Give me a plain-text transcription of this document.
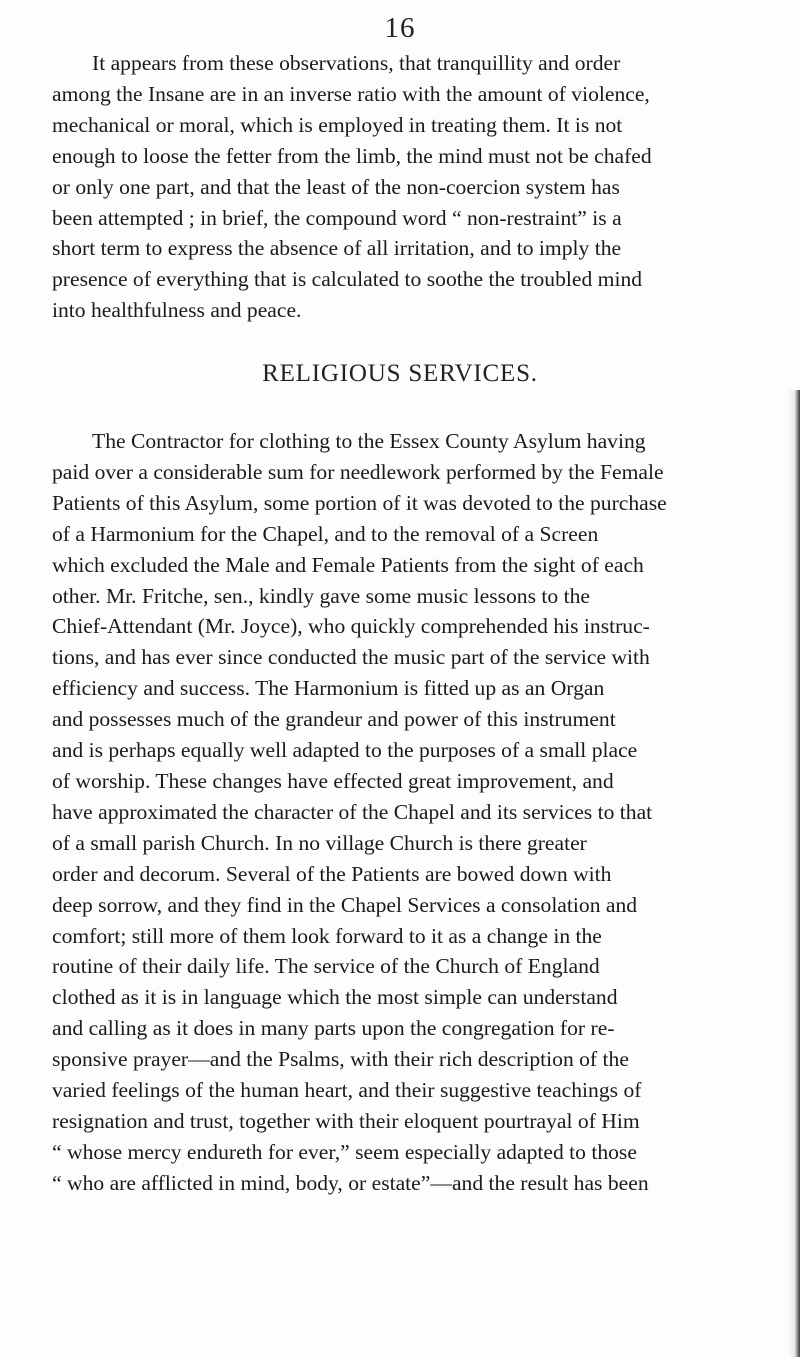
16
It appears from these observations, that tranquillity and order
among the Insane are in an inverse ratio with the amount of violence,
mechanical or moral, which is employed in treating them. It is not
enough to loose the fetter from the limb, the mind must not be chafed
or only one part, and that the least of the non-coercion system has
been attempted ; in brief, the compound word “ non-restraint” is a
short term to express the absence of all irritation, and to imply the
presence of everything that is calculated to soothe the troubled mind
into healthfulness and peace.
RELIGIOUS SERVICES.
The Contractor for clothing to the Essex County Asylum having
paid over a considerable sum for needlework performed by the Female
Patients of this Asylum, some portion of it was devoted to the purchase
of a Harmonium for the Chapel, and to the removal of a Screen
which excluded the Male and Female Patients from the sight of each
other. Mr. Fritche, sen., kindly gave some music lessons to the
Chief-Attendant (Mr. Joyce), who quickly comprehended his instruc-
tions, and has ever since conducted the music part of the service with
efficiency and success. The Harmonium is fitted up as an Organ
and possesses much of the grandeur and power of this instrument
and is perhaps equally well adapted to the purposes of a small place
of worship. These changes have effected great improvement, and
have approximated the character of the Chapel and its services to that
of a small parish Church. In no village Church is there greater
order and decorum. Several of the Patients are bowed down with
deep sorrow, and they find in the Chapel Services a consolation and
comfort; still more of them look forward to it as a change in the
routine of their daily life. The service of the Church of England
clothed as it is in language which the most simple can understand
and calling as it does in many parts upon the congregation for re-
sponsive prayer—and the Psalms, with their rich description of the
varied feelings of the human heart, and their suggestive teachings of
resignation and trust, together with their eloquent pourtrayal of Him
“ whose mercy endureth for ever,” seem especially adapted to those
“ who are afflicted in mind, body, or estate”—and the result has been
